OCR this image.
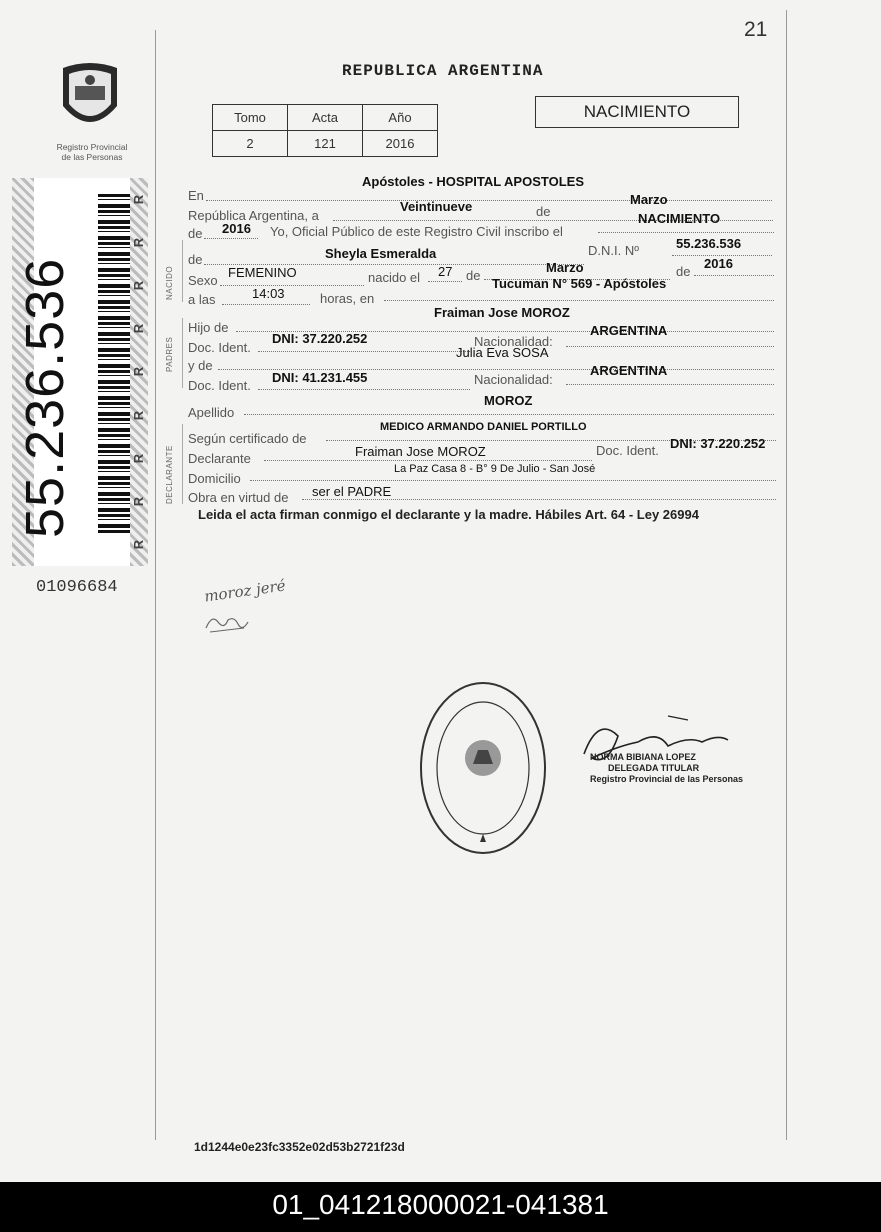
21
Registro Provincial
de las Personas
55.236.536
R
R
R
R
R
R
R
R
R
01096684
REPUBLICA ARGENTINA
Tomo	Acta	Año
2	121	2016
NACIMIENTO
NACIDO
PADRES
DECLARANTE
En
Apóstoles - HOSPITAL APOSTOLES
República Argentina, a
Veintinueve	de
Marzo
de 2016 Yo, Oficial Público de este Registro Civil inscribo el
NACIMIENTO
de	Sheyla Esmeralda	D.N.I. Nº	55.236.536
Sexo
FEMENINO	nacido el 27 de
Marzo	de
2016
a las	14:03	horas, en
Tucuman N° 569 - Apóstoles
Hijo de
Fraiman Jose MOROZ
Doc. Ident.
DNI: 37.220.252	Nacionalidad:
ARGENTINA
y de
Julia Eva SOSA
Doc. Ident.
DNI: 41.231.455	Nacionalidad:
ARGENTINA
Apellido
MOROZ
Según certificado de
MEDICO ARMANDO DANIEL PORTILLO
Declarante	Fraiman Jose MOROZ	Doc. Ident. DNI: 37.220.252
Domicilio
La Paz Casa 8 - B° 9 De Julio - San José
Obra en virtud de ser el PADRE
Leida el acta firman conmigo el declarante y la madre. Hábiles Art. 64 - Ley 26994
moroz jeré
NORMA BIBIANA LOPEZ
DELEGADA TITULAR
Registro Provincial de las Personas
1d1244e0e23fc3352e02d53b2721f23d
01_041218000021-041381
